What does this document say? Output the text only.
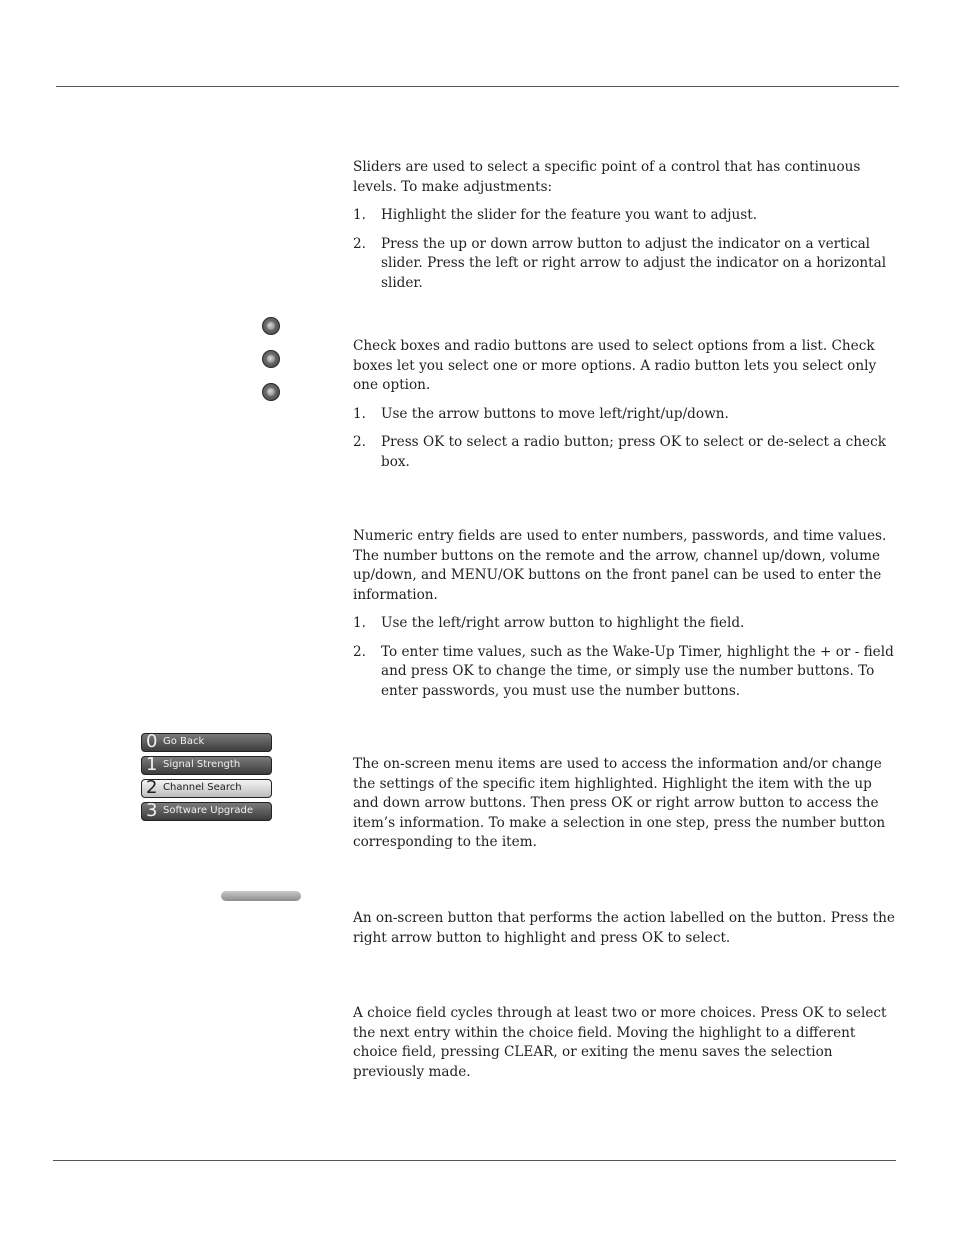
Sliders are used to select a specific point of a control that has continuous levels. To make adjustments:

1. Highlight the slider for the feature you want to adjust.
2. Press the up or down arrow button to adjust the indicator on a vertical slider. Press the left or right arrow to adjust the indicator on a horizontal slider.

Check boxes and radio buttons are used to select options from a list. Check boxes let you select one or more options. A radio button lets you select only one option.

1. Use the arrow buttons to move left/right/up/down.
2. Press OK to select a radio button; press OK to select or de-select a check box.

Numeric entry fields are used to enter numbers, passwords, and time values. The number buttons on the remote and the arrow, channel up/down, volume up/down, and MENU/OK buttons on the front panel can be used to enter the information.

1. Use the left/right arrow button to highlight the field.
2. To enter time values, such as the Wake-Up Timer, highlight the + or - field and press OK to change the time, or simply use the number buttons. To enter passwords, you must use the number buttons.
0 Go Back
1 Signal Strength
2 Channel Search
3 Software Upgrade

The on-screen menu items are used to access the information and/or change the settings of the specific item highlighted. Highlight the item with the up and down arrow buttons. Then press OK or right arrow button to access the item’s information. To make a selection in one step, press the number button corresponding to the item.

An on-screen button that performs the action labelled on the button. Press the right arrow button to highlight and press OK to select.

A choice field cycles through at least two or more choices. Press OK to select the next entry within the choice field. Moving the highlight to a different choice field, pressing CLEAR, or exiting the menu saves the selection previously made.
